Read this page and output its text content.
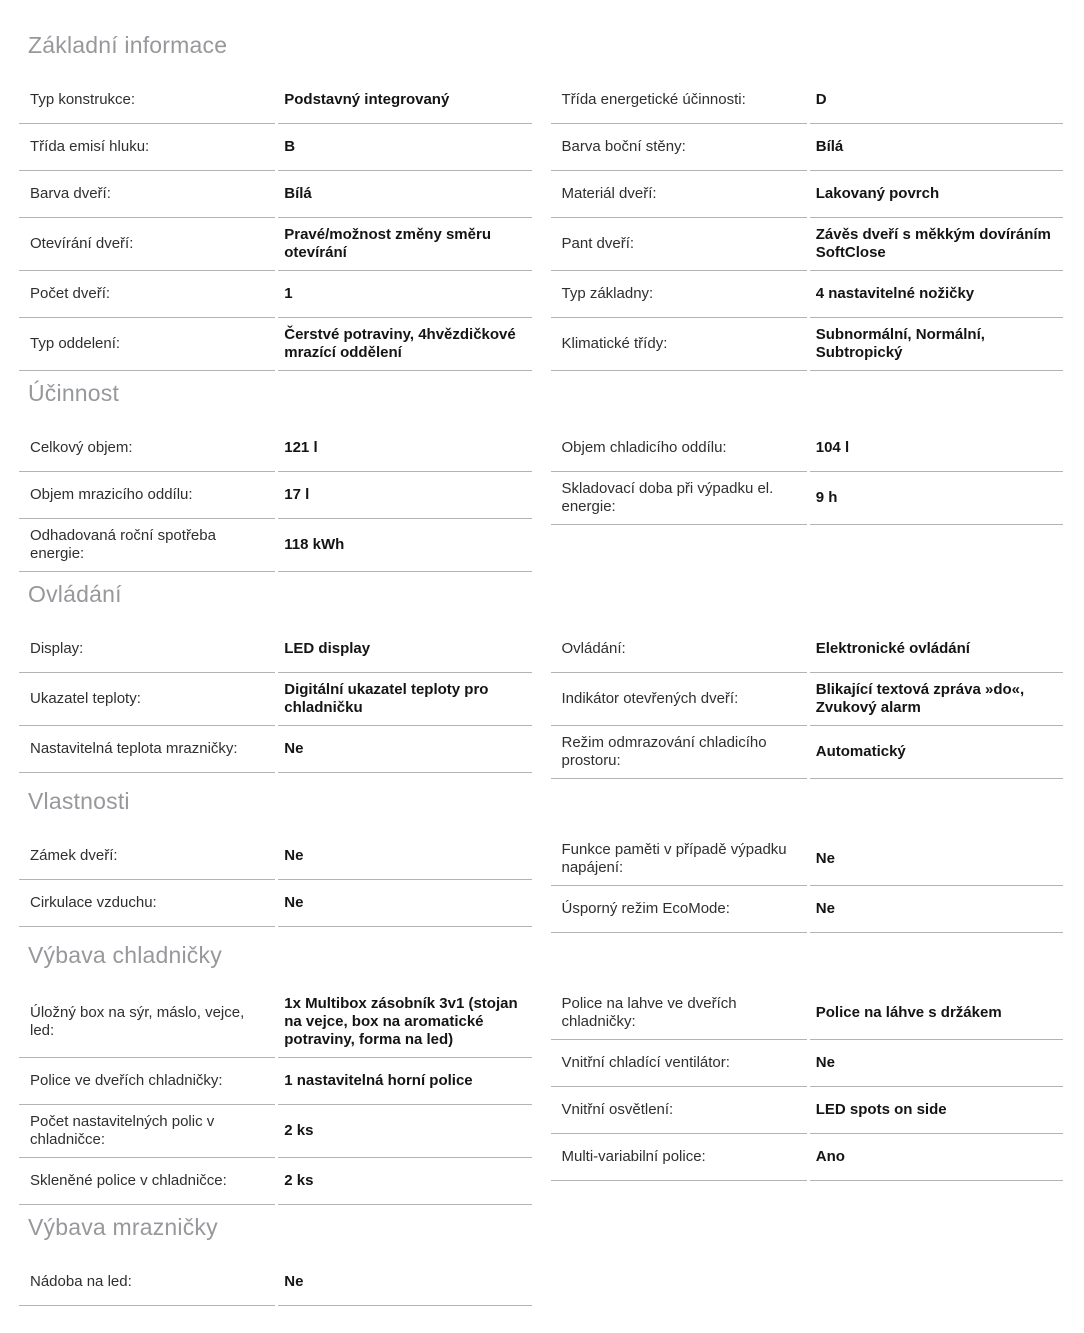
Základní informace
Typ konstrukce:	Podstavný integrovaný
Třída emisí hluku:	B
Barva dveří:	Bílá
Otevírání dveří:
Pravé/možnost změny směru otevírání
Počet dveří:	1
Typ oddelení:
Čerstvé potraviny, 4hvězdičkové mrazící oddělení
Třída energetické účinnosti:	D
Barva boční stěny:	Bílá
Materiál dveří:	Lakovaný povrch
Pant dveří:
Závěs dveří s měkkým dovíráním SoftClose
Typ základny:	4 nastavitelné nožičky
Klimatické třídy:
Subnormální, Normální, Subtropický
Účinnost
Celkový objem:	121 l
Objem mrazicího oddílu:	17 l
Odhadovaná roční spotřeba energie:
118 kWh
Objem chladicího oddílu:	104 l
Skladovací doba při výpadku el. energie:
9 h
Ovládání
Display:	LED display
Ukazatel teploty:
Digitální ukazatel teploty pro chladničku
Nastavitelná teplota mrazničky:	Ne
Ovládání:	Elektronické ovládání
Indikátor otevřených dveří:
Blikající textová zpráva »do«, Zvukový alarm
Režim odmrazování chladicího prostoru:
Automatický
Vlastnosti
Zámek dveří:	Ne
Cirkulace vzduchu:	Ne
Funkce paměti v případě výpadku napájení:
Ne
Úsporný režim EcoMode:	Ne
Výbava chladničky
Úložný box na sýr, máslo, vejce, led:
1x Multibox zásobník 3v1 (stojan na vejce, box na aromatické potraviny, forma na led)
Police ve dveřích chladničky:	1 nastavitelná horní police
Počet nastavitelných polic v chladničce:
2 ks
Skleněné police v chladničce:	2 ks
Police na lahve ve dveřích chladničky:
Police na láhve s držákem
Vnitřní chladící ventilátor:	Ne
Vnitřní osvětlení:	LED spots on side
Multi-variabilní police:	Ano
Výbava mrazničky
Nádoba na led:	Ne
